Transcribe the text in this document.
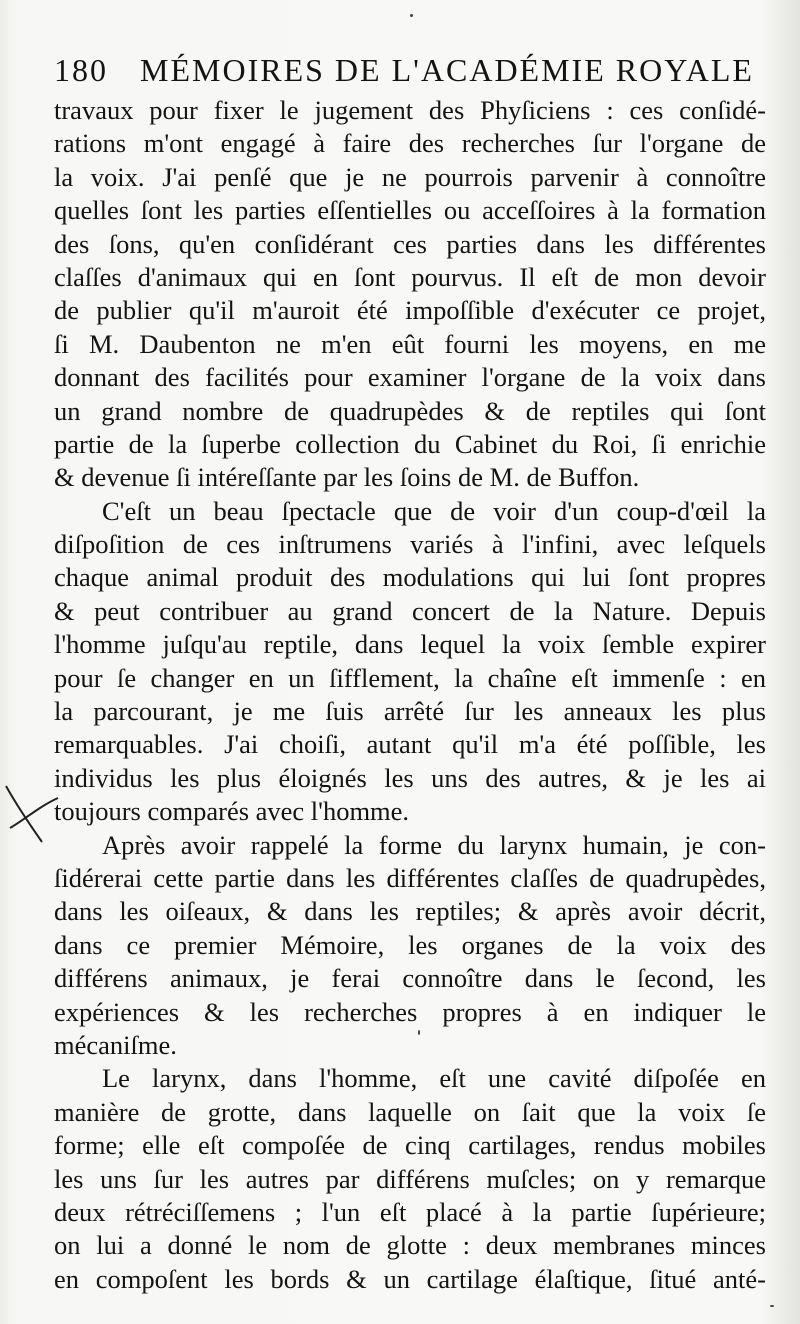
180 MÉMOIRES DE L'ACADÉMIE ROYALE
travaux pour fixer le jugement des Phyſiciens : ces conſidé-
rations m'ont engagé à faire des recherches ſur l'organe de
la voix. J'ai penſé que je ne pourrois parvenir à connoître
quelles ſont les parties eſſentielles ou acceſſoires à la formation
des ſons, qu'en conſidérant ces parties dans les différentes
claſſes d'animaux qui en ſont pourvus. Il eſt de mon devoir
de publier qu'il m'auroit été impoſſible d'exécuter ce projet,
ſi M. Daubenton ne m'en eût fourni les moyens, en me
donnant des facilités pour examiner l'organe de la voix dans
un grand nombre de quadrupèdes & de reptiles qui ſont
partie de la ſuperbe collection du Cabinet du Roi, ſi enrichie
& devenue ſi intéreſſante par les ſoins de M. de Buffon.
C'eſt un beau ſpectacle que de voir d'un coup-d'œil la
diſpoſition de ces inſtrumens variés à l'infini, avec leſquels
chaque animal produit des modulations qui lui ſont propres
& peut contribuer au grand concert de la Nature. Depuis
l'homme juſqu'au reptile, dans lequel la voix ſemble expirer
pour ſe changer en un ſifflement, la chaîne eſt immenſe : en
la parcourant, je me ſuis arrêté ſur les anneaux les plus
remarquables. J'ai choiſi, autant qu'il m'a été poſſible, les
individus les plus éloignés les uns des autres, & je les ai
toujours comparés avec l'homme.
Après avoir rappelé la forme du larynx humain, je con-
ſidérerai cette partie dans les différentes claſſes de quadrupèdes,
dans les oiſeaux, & dans les reptiles; & après avoir décrit,
dans ce premier Mémoire, les organes de la voix des
différens animaux, je ferai connoître dans le ſecond, les
expériences & les recherches propres à en indiquer le
mécaniſme.
Le larynx, dans l'homme, eſt une cavité diſpoſée en
manière de grotte, dans laquelle on ſait que la voix ſe
forme; elle eſt compoſée de cinq cartilages, rendus mobiles
les uns ſur les autres par différens muſcles; on y remarque
deux rétréciſſemens ; l'un eſt placé à la partie ſupérieure;
on lui a donné le nom de glotte : deux membranes minces
en compoſent les bords & un cartilage élaſtique, ſitué anté-
